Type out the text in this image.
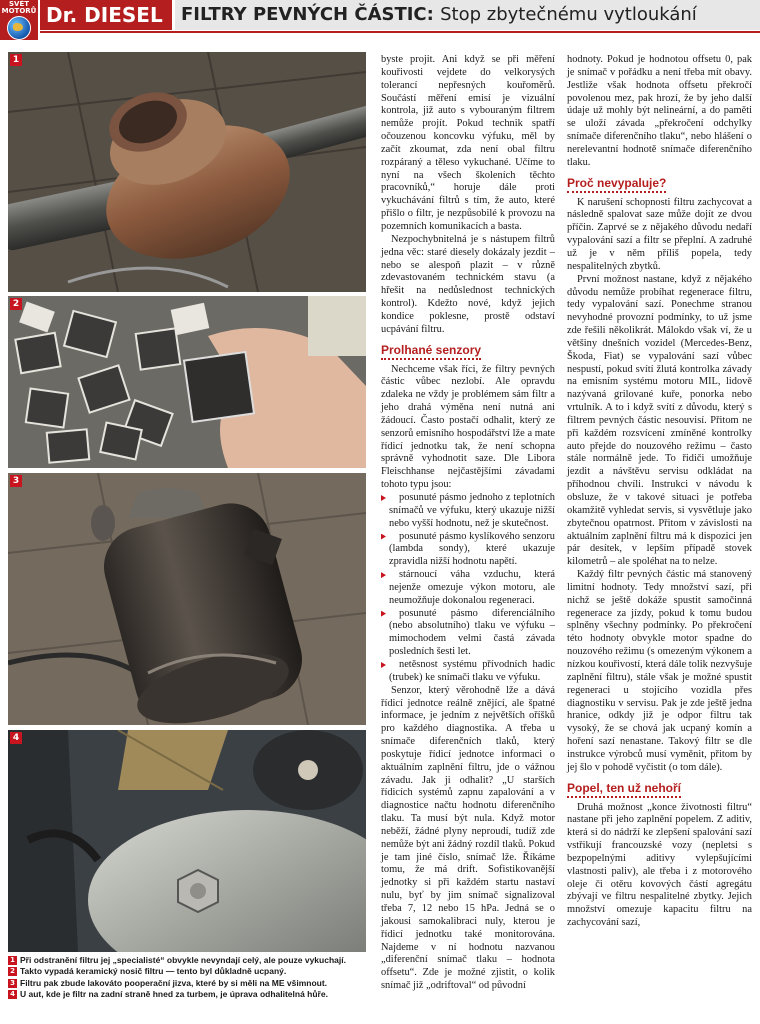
SVĚT MOTORŮ Dr. DIESEL	FILTRY PEVNÝCH ČÁSTIC: Stop zbytečnému vytloukání
1
2
3
4
1 Při odstranění filtru jej „specialisté“ obvykle nevyndají celý, ale pouze vykuchají.
2 Takto vypadá keramický nosič filtru — tento byl důkladně ucpaný.
3 Filtru pak zbude lakováto pooperační jizva, které by si měli na ME všimnout.
4 U aut, kde je filtr na zadní straně hned za turbem, je úprava odhalitelná hůře.

byste projit. Ani když se při měření kouřivosti vejdete do velkorysých tolerancí nepřesných kouřoměrů. Součástí měření emisí je vizuální kontrola, již auto s vybouraným filtrem nemůže projít. Pokud technik spatří očouzenou koncovku výfuku, měl by začít zkoumat, zda není obal filtru rozpáraný a těleso vykuchané. Učíme to nyní na všech školeních těchto pracovníků,“ horuje dále proti vykuchávání filtrů s tím, že auto, které přišlo o filtr, je nezpůsobilé k provozu na pozemních komunikacích a basta.

Nezpochybnitelná je s nástupem filtrů jedna věc: staré diesely dokázaly jezdit – nebo se alespoň plazit – v různě zdevastovaném technickém stavu (a hřešit na nedůslednost technických kontrol). Kdežto nové, když jejich kondice poklesne, prostě odstaví ucpávání filtru.

Prolhané senzory

Nechceme však říci, že filtry pevných částic vůbec nezlobí. Ale opravdu zdaleka ne vždy je problémem sám filtr a jeho drahá výměna není nutná ani žádoucí. Často postačí odhalit, který ze senzorů emisního hospodářství lže a mate řídicí jednotku tak, že není schopna správně vyhodnotit saze. Dle Libora Fleischhanse nejčastějšími závadami tohoto typu jsou:

posunuté pásmo jednoho z teplotních snímačů ve výfuku, který ukazuje nižší nebo vyšší hodnotu, než je skutečnost.

posunuté pásmo kyslíkového senzoru (lambda sondy), které ukazuje zpravidla nižší hodnotu napětí.

stárnoucí váha vzduchu, která nejenže omezuje výkon motoru, ale neumožňuje dokonalou regeneraci.

posunuté pásmo diferenciálního (nebo absolutního) tlaku ve výfuku – mimochodem velmi častá závada posledních šesti let.

netěsnost systému přívodních hadic (trubek) ke snímači tlaku ve výfuku.

Senzor, který věrohodně lže a dává řídicí jednotce reálně znějící, ale špatné informace, je jedním z největších oříšků pro každého diagnostika. A třeba u snímače diferenčních tlaků, který poskytuje řídicí jednotce informaci o aktuálním zaplnění filtru, jde o vážnou závadu. Jak ji odhalit? „U starších řídicích systémů zapnu zapalování a v diagnostice načtu hodnotu diferenčního tlaku. Ta musí být nula. Když motor neběží, žádné plyny neproudí, tudíž zde nemůže být ani žádný rozdíl tlaků. Pokud je tam jiné číslo, snímač lže. Říkáme tomu, že má drift. Sofistikovanější jednotky si při každém startu nastaví nulu, byť by jim snímač signalizoval třeba 7, 12 nebo 15 hPa. Jedná se o jakousi samokalibraci nuly, kterou je řídicí jednotku také monitorována. Najdeme v ní hodnotu nazvanou „diferenční snímač tlaku – hodnota offsetu“. Zde je možné zjistit, o kolik snímač již „odriftoval“ od původní

hodnoty. Pokud je hodnotou offsetu 0, pak je snímač v pořádku a není třeba mít obavy. Jestliže však hodnota offsetu překročí povolenou mez, pak hrozí, že by jeho další údaje už mohly být nelineární, a do paměti se uloží závada „překročení odchylky snímače diferenčního tlaku“, nebo hlášení o nerelevantní hodnotě snímače diferenčního tlaku.

Proč nevypaluje?

K narušení schopnosti filtru zachycovat a následně spalovat saze může dojít ze dvou příčin. Zaprvé se z nějakého důvodu nedaří vypalování sazí a filtr se přeplní. A zadruhé už je v něm příliš popela, tedy nespalitelných zbytků.

První možnost nastane, když z nějakého důvodu nemůže probíhat regenerace filtru, tedy vypalování sazí. Ponechme stranou nevyhodné provozní podmínky, to už jsme zde řešili několikrát. Málokdo však ví, že u většiny dnešních vozidel (Mercedes-Benz, Škoda, Fiat) se vypalování sazí vůbec nespustí, pokud svítí žlutá kontrolka závady na emisním systému motoru MIL, lidově nazývaná grilované kuře, ponorka nebo vrtulník. A to i když svítí z důvodu, který s filtrem pevných částic nesouvisí. Přitom ne při každém rozsvícení zmíněné kontrolky auto přejde do nouzového režimu – často stále normálně jede. To řidiči umožňuje jezdit a návštěvu servisu odkládat na příhodnou chvíli. Instrukci v návodu k obsluze, že v takové situaci je potřeba okamžitě vyhledat servis, si vysvětluje jako zbytečnou opatrnost. Přitom v závislosti na aktuálním zaplnění filtru má k dispozici jen pár desítek, v lepším případě stovek kilometrů – ale spoléhat na to nelze.

Každý filtr pevných částic má stanovený limitní hodnoty. Tedy množství sazí, při nichž se ještě dokáže spustit samočinná regenerace za jízdy, pokud k tomu budou splněny všechny podmínky. Po překročení této hodnoty obvykle motor spadne do nouzového režimu (s omezeným výkonem a nízkou kouřivostí, která dále tolik nezvyšuje zaplnění filtru), stále však je možné spustit regeneraci u stojícího vozidla přes diagnostiku v servisu. Pak je zde ještě jedna hranice, odkdy již je odpor filtru tak vysoký, že se chová jak ucpaný komín a hoření sazí nenastane. Takový filtr se dle instrukce výrobců musí vyměnit, přitom by jej šlo v pohodě vyčistit (o tom dále).

Popel, ten už nehoří

Druhá možnost „konce životnosti filtru“ nastane při jeho zaplnění popelem. Z aditiv, která si do nádrží ke zlepšení spalování sazí vstřikují francouzské vozy (nepletsi s bezpopelnými aditivy vylepšujícími vlastnosti paliv), ale třeba i z motorového oleje či otěru kovových částí agregátu zbývají ve filtru nespalitelné zbytky. Jejich množství omezuje kapacitu filtru na zachycování sazí,
